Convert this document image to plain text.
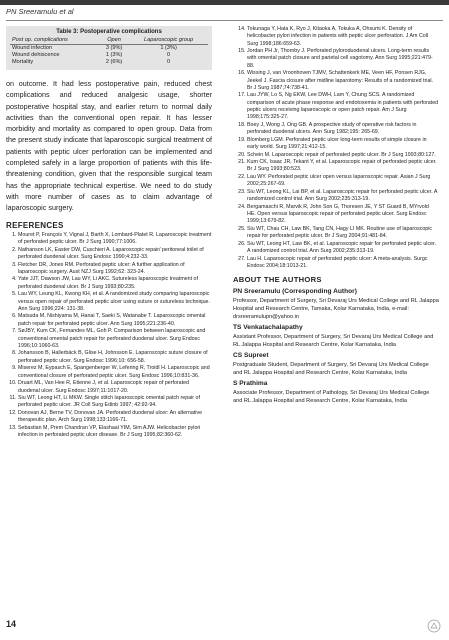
PN Sreeramulu et al
Table 3: Postoperative complications
Post op. complications	Open	Laparoscopic group
Wound infection	3 (9%)	1 (3%)
Wound dehiscence	1 (3%)	0
Mortality	2 (6%)	0

on outcome. It had less postoperative pain, reduced chest complications and reduced analgesic usage, shorter postoperative hospital stay, and earlier return to normal daily activities than the conventional open repair. It has lesser morbidity and mortality as compared to open group. Data from the present study indicate that laparoscopic surgical treatment of patients with peptic ulcer perforation can be implemented and completed safely in a large proportion of patients with this life-threatening condition, given that the responsible surgical team has the appropriate technical expertise. We need to do study with more number of cases as to claim advantage of laparoscopic surgery.

REFERENCES
1. Mouret P, François Y, Vignal J, Barth X, Lombard-Platet R. Laparoscopic treatment of perforated peptic ulcer. Br J Surg 1990;77:1006.
2. Nathanson LK, Easter DW, Cuschieri A. Laparoscopic repair/ peritoneal toilet of perforated duodenal ulcer. Surg Endosc 1990;4:232-33.
3. Fletcher DR, Jones RM. Perforated peptic ulcer: A further application of laparoscopic surgery. Aust NZJ Surg 1992;62: 323-24.
4. Yate JJT, Dawson JW, Lau WY, Li AKC. Sutureless laparoscopic treatment of perforated duodenal ulcer. Br J Surg 1993;80:235.
5. Lau WY, Leung KL, Kwong KH, et al. A randomized study comparing laparoscopic versus open repair of perforated peptic ulcer using suture or sutureless technique. Ann Surg 1996;224: 131-38.
6. Matsuda M, Nishiyama M, Hanai T, Saeki S, Watanabe T. Laparoscopic omental patch repair for perforated peptic ulcer. Ann Surg 1995;221:236-40.
7. SøJBY, Kum CK, Fernandes ML, Goh P. Comparison between laparoscopic and conventional omental patch repair for perforated duodenal ulcer. Surg Endosc 1996;10:1060-63.
8. Johansson B, Hallerbäck B, Glise H, Johnsson E. Laparoscopic suture closure of perforated peptic ulcer. Surg Endosc 1996;10: 656-58.
9. Miserez M, Eypasch E, Spangenberger W, Lefering R, Troidl H. Laparoscopic and conventional closure of perforated peptic ulcer. Surg Endosc 1996;10:831-36.
10. Druart ML, Van Hee R, Etienne J, et al. Laparoscopic repair of perforated duodenal ulcer. Surg Endosc 1997;11:1017-20.
11. Siu WT, Leong HT, Li MKW. Single stitch laparoscopic omental patch repair of perforated peptic ulcer. JR Coll Surg Edinb 1997; 42:92-94.
12. Donovan AJ, Berne TV, Donovan JA. Perforated duodenal ulcer: An alternative therapeutic plan. Arch Surg 1998;133:1166-71.
13. Sebastian M, Prem Chandran VP, Elashaal YIM, Sim AJW. Helicobacter pylori infection in perforated peptic ulcer disease. Br J Surg 1995;82:360-62.
14. Tokunaga Y, Hata K, Ryo J, Kitaoka A, Tokuka A, Ohsumi K. Density of helicobacter pylori infection in patients with peptic ulcer perforation. J Am Coll Surg 1998;186:659-63.
15. Jordan PH Jr, Thornby J. Perforated pyloroduodenal ulcers. Long-term results with omental patch closure and parietal cell vagotomy. Ann Surg 1995;221:479-88.
16. Wissing J, van Vroonhoven TJMV, Schattenkerk ME, Veen HF, Ponsen RJG, Jeekel J. Fascia closure after midline laparotomy: Results of a randomized trial. Br J Surg 1987;74:738-41.
17. Lau JYW, Lo S, Ng EKW, Lee DWH, Lam Y, Chung SCS. A randomized comparison of acute phase response and endotoxemia in patients with perforated peptic ulcers receiving laparoscopic or open patch repair. Am J Surg 1998;175:325-27.
18. Boey J, Wong J, Ong GB. A prospective study of operative risk factors in perforated duodenal ulcers. Ann Surg 1982;195: 265-69.
19. Blomberg LGM. Perforated peptic ulcer long-term results of simple closure in early world. Surg 1997;21:412-15.
20. Schein M. Laparoscopic repair of perforated peptic ulcer. Br J Surg 1993;80:127.
21. Kum CK, Isaac JR, Tekant Y, et al. Laparoscopic repair of perforated peptic ulcer. Br J Surg 1993;80:523.
22. Lau WY. Perforated peptic ulcer open versus laparoscopic repair. Asian J Surg 2002;25:267-69.
23. Siu WT, Leong KL, Lai BP, et al. Laparoscopic repair for perforated peptic ulcer. A randomized control trial. Ann Surg 2002;235:313-19.
24. Bergamaschi R, Marvik R, John Son G, Thoresen JE, Y ST Guard B, MYrvold HE. Open versus laparoscopic repair of perforated peptic ulcer. Surg Endosc 1999;13:679-82.
25. Siu WT, Chau CH, Law BK, Tang CN, Hagy LI MK. Routine use of laparoscopic repair for perforated peptic ulcer. Br J Surg 2004;91:481-84.
26. Siu WT, Leong HT, Law BK, et al. Laparoscopic repair for perforated peptic ulcer. A randomized control trial. Ann Surg 2002;235:313-19.
27. Lau H. Laparoscopic repair of perforated peptic ulcer: A meta-analysis. Surgc Endosc 2004;18:1013-21.
ABOUT THE AUTHORS
PN Sreeramulu (Corresponding Author)

Professor, Department of Surgery, Sri Devaraj Urs Medical College and RL Jalappa Hospital and Research Centre, Tamaka, Kolar Karnataka, India, e-mail: drsreeramulupn@yahoo.in

TS Venkatachalapathy

Assistant Professor, Department of Surgery, Sri Devaraj Urs Medical College and RL Jalappa Hospital and Research Centre, Kolar Karnataka, India

CS Supreet

Postgraduate Student, Department of Surgery, Sri Devaraj Urs Medical College and RL Jalappa Hospital and Research Centre, Kolar Karnataka, India

S Prathima

Associate Professor, Department of Pathology, Sri Devaraj Urs Medical College and RL Jalappa Hospital and Research Centre, Kolar Karnataka, India

14
